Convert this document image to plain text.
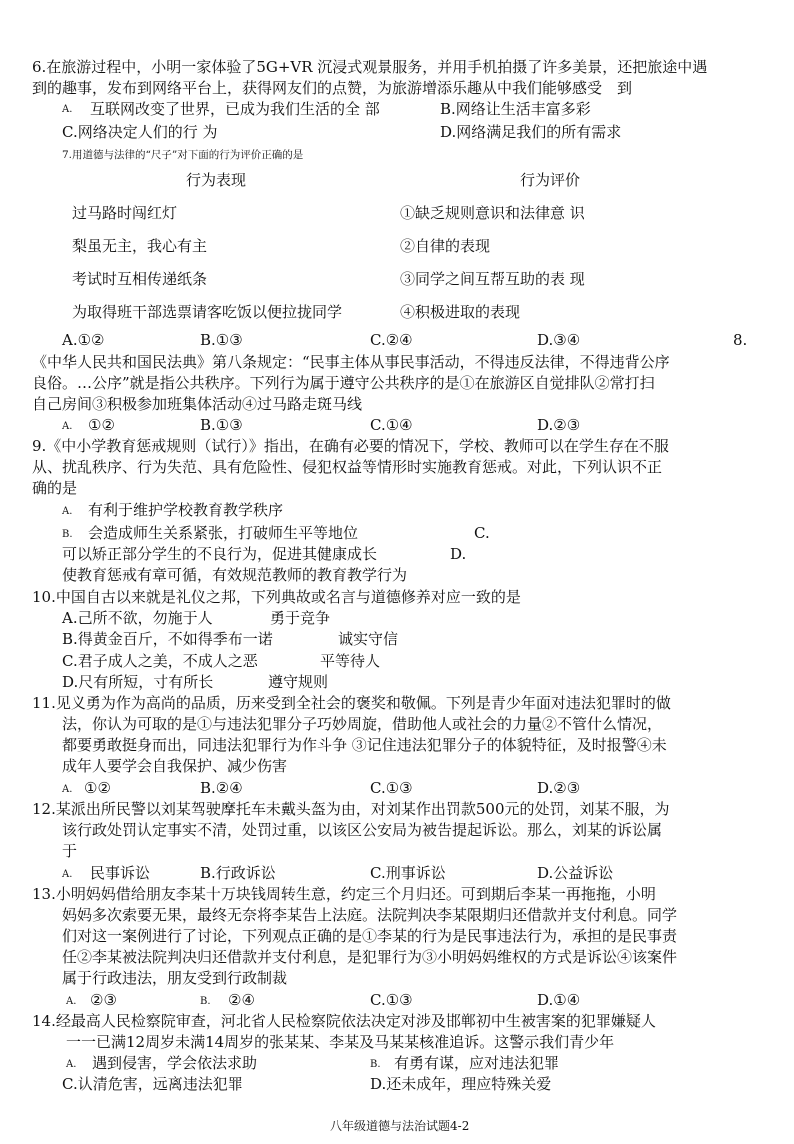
6.在旅游过程中，小明一家体验了5G+VR 沉浸式观景服务，并用手机拍摄了许多美景，还把旅途中遇
到的趣事，发布到网络平台上，获得网友们的点赞，为旅游增添乐趣从中我们能够感受　到
A. 互联网改变了世界，已成为我们生活的全 部	B.网络让生活丰富多彩
C.网络决定人们的行 为	D.网络满足我们的所有需求
7.用道德与法律的“尺子”对下面的行为评价正确的是
行为表现	行为评价
过马路时闯红灯	①缺乏规则意识和法律意 识
梨虽无主，我心有主	②自律的表现
考试时互相传递纸条	③同学之间互帮互助的表 现
为取得班干部选票请客吃饭以便拉拢同学	④积极进取的表现
A.①②	B.①③	C.②④	D.③④	8.
《中华人民共和国民法典》第八条规定：“民事主体从事民事活动，不得违反法律，不得违背公序
良俗。…公序”就是指公共秩序。下列行为属于遵守公共秩序的是①在旅游区自觉排队②常打扫
自己房间③积极参加班集体活动④过马路走斑马线
A. ①②	B.①③	C.①④	D.②③
9.《中小学教育惩戒规则（试行）》指出，在确有必要的情况下，学校、教师可以在学生存在不服
从、扰乱秩序、行为失范、具有危险性、侵犯权益等情形时实施教育惩戒。对此，下列认识不正
确的是
A. 有利于维护学校教育教学秩序
B. 会造成师生关系紧张，打破师生平等地位	C.
可以矫正部分学生的不良行为，促进其健康成长	D.
使教育惩戒有章可循，有效规范教师的教育教学行为
10.中国自古以来就是礼仪之邦，下列典故或名言与道德修养对应一致的是
A.己所不欲，勿施于人	勇于竞争
B.得黄金百斤，不如得季布一诺	诚实守信
C.君子成人之美，不成人之恶	平等待人
D.尺有所短，寸有所长	遵守规则
11.见义勇为作为高尚的品质，历来受到全社会的褒奖和敬佩。下列是青少年面对违法犯罪时的做
法，你认为可取的是①与违法犯罪分子巧妙周旋，借助他人或社会的力量②不管什么情况，
都要勇敢挺身而出，同违法犯罪行为作斗争 ③记住违法犯罪分子的体貌特征，及时报警④未
成年人要学会自我保护、减少伤害
A. ①②	B.②④	C.①③	D.②③
12.某派出所民警以刘某驾驶摩托车未戴头盔为由，对刘某作出罚款500元的处罚，刘某不服，为
该行政处罚认定事实不清，处罚过重，以该区公安局为被告提起诉讼。那么，刘某的诉讼属
于
A. 民事诉讼	B.行政诉讼	C.刑事诉讼	D.公益诉讼
13.小明妈妈借给朋友李某十万块钱周转生意，约定三个月归还。可到期后李某一再拖拖，小明
妈妈多次索要无果，最终无奈将李某告上法庭。法院判决李某限期归还借款并支付利息。同学
们对这一案例进行了讨论，下列观点正确的是①李某的行为是民事违法行为，承担的是民事责
任②李某被法院判决归还借款并支付利息，是犯罪行为③小明妈妈维权的方式是诉讼④该案件
属于行政违法，朋友受到行政制裁
A. ②③	B. ②④	C.①③	D.①④
14.经最高人民检察院审查，河北省人民检察院依法决定对涉及邯郸初中生被害案的犯罪嫌疑人
一一已满12周岁未满14周岁的张某某、李某及马某某核准追诉。这警示我们青少年
A. 遇到侵害，学会依法求助	B. 有勇有谋，应对违法犯罪
C.认清危害，远离违法犯罪	D.还未成年，理应特殊关爱
八年级道德与法治试题4-2
